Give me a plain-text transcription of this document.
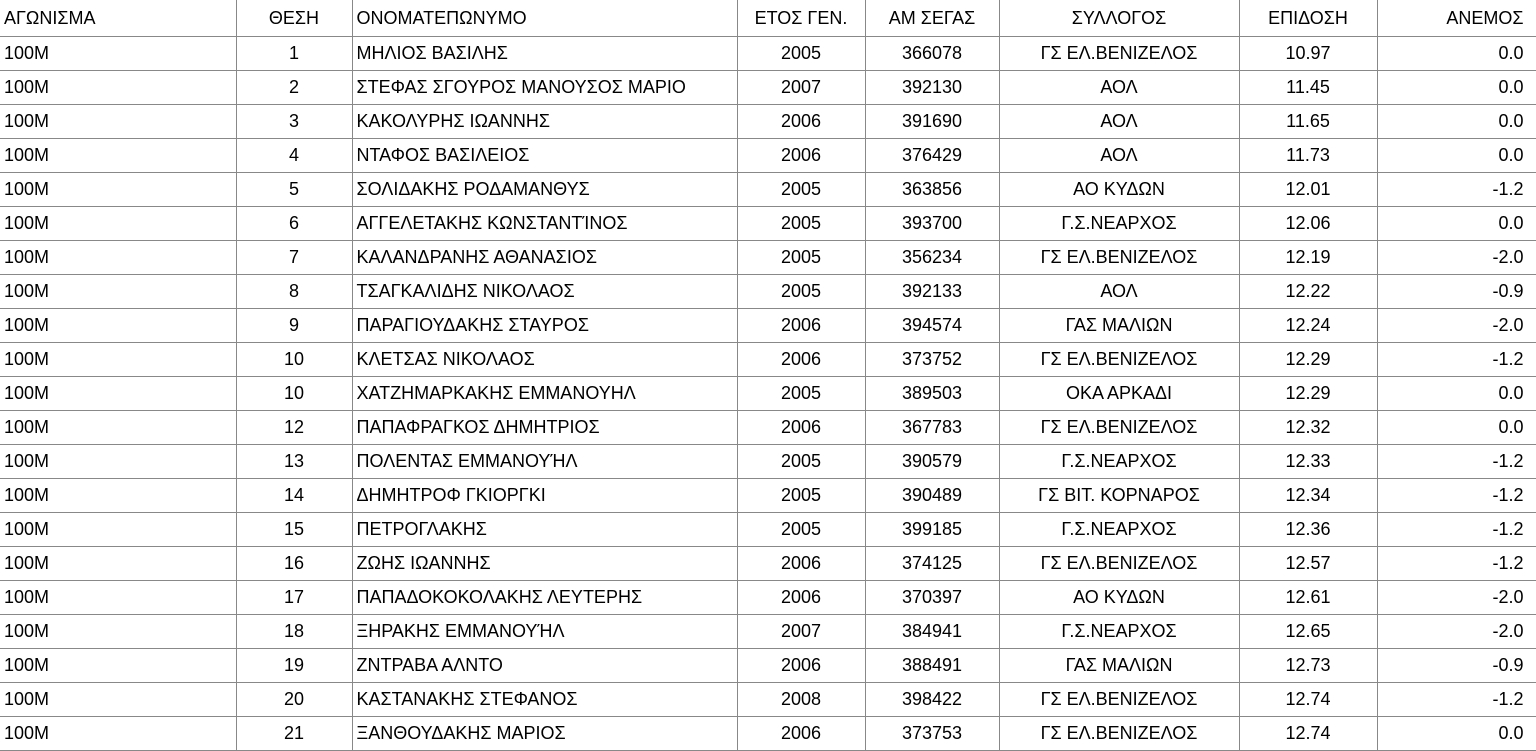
ΑΓΩΝΙΣΜΑ	ΘΕΣΗ	ΟΝΟΜΑΤΕΠΩΝΥΜΟ	ΕΤΟΣ ΓΕΝ.	ΑΜ ΣΕΓΑΣ	ΣΥΛΛΟΓΟΣ	ΕΠΙΔΟΣΗ	ΑΝΕΜΟΣ
100M	1	ΜΗΛΙΟΣ ΒΑΣΙΛΗΣ	2005	366078	ΓΣ ΕΛ.ΒΕΝΙΖΕΛΟΣ	10.97	0.0
100M	2	ΣΤΕΦΑΣ ΣΓΟΥΡΟΣ ΜΑΝΟΥΣΟΣ ΜΑΡΙΟ	2007	392130	ΑΟΛ	11.45	0.0
100M	3	ΚΑΚΟΛΥΡΗΣ ΙΩΑΝΝΗΣ	2006	391690	ΑΟΛ	11.65	0.0
100M	4	ΝΤΑΦΟΣ ΒΑΣΙΛΕΙΟΣ	2006	376429	ΑΟΛ	11.73	0.0
100M	5	ΣΟΛΙΔΑΚΗΣ ΡΟΔΑΜΑΝΘΥΣ	2005	363856	ΑΟ ΚΥΔΩΝ	12.01	-1.2
100M	6	ΑΓΓΕΛΕΤΑΚΗΣ ΚΩΝΣΤΑΝΤΊΝΟΣ	2005	393700	Γ.Σ.ΝΕΑΡΧΟΣ	12.06	0.0
100M	7	ΚΑΛΑΝΔΡΑΝΗΣ ΑΘΑΝΑΣΙΟΣ	2005	356234	ΓΣ ΕΛ.ΒΕΝΙΖΕΛΟΣ	12.19	-2.0
100M	8	ΤΣΑΓΚΑΛΙΔΗΣ ΝΙΚΟΛΑΟΣ	2005	392133	ΑΟΛ	12.22	-0.9
100M	9	ΠΑΡΑΓΙΟΥΔΑΚΗΣ ΣΤΑΥΡΟΣ	2006	394574	ΓΑΣ ΜΑΛΙΩΝ	12.24	-2.0
100M	10	ΚΛΕΤΣΑΣ ΝΙΚΟΛΑΟΣ	2006	373752	ΓΣ ΕΛ.ΒΕΝΙΖΕΛΟΣ	12.29	-1.2
100M	10	ΧΑΤΖΗΜΑΡΚΑΚΗΣ ΕΜΜΑΝΟΥΗΛ	2005	389503	ΟΚΑ ΑΡΚΑΔΙ	12.29	0.0
100M	12	ΠΑΠΑΦΡΑΓΚΟΣ ΔΗΜΗΤΡΙΟΣ	2006	367783	ΓΣ ΕΛ.ΒΕΝΙΖΕΛΟΣ	12.32	0.0
100M	13	ΠΟΛΕΝΤΑΣ ΕΜΜΑΝΟΥΉΛ	2005	390579	Γ.Σ.ΝΕΑΡΧΟΣ	12.33	-1.2
100M	14	ΔΗΜΗΤΡΟΦ ΓΚΙΟΡΓΚΙ	2005	390489	ΓΣ ΒΙΤ. ΚΟΡΝΑΡΟΣ	12.34	-1.2
100M	15	ΠΕΤΡΟΓΛΑΚΗΣ	2005	399185	Γ.Σ.ΝΕΑΡΧΟΣ	12.36	-1.2
100M	16	ΖΩΗΣ ΙΩΑΝΝΗΣ	2006	374125	ΓΣ ΕΛ.ΒΕΝΙΖΕΛΟΣ	12.57	-1.2
100M	17	ΠΑΠΑΔΟΚΟΚΟΛΑΚΗΣ ΛΕΥΤΕΡΗΣ	2006	370397	ΑΟ ΚΥΔΩΝ	12.61	-2.0
100M	18	ΞΗΡΑΚΗΣ ΕΜΜΑΝΟΥΉΛ	2007	384941	Γ.Σ.ΝΕΑΡΧΟΣ	12.65	-2.0
100M	19	ΖΝΤΡΑΒΑ ΑΛΝΤΟ	2006	388491	ΓΑΣ ΜΑΛΙΩΝ	12.73	-0.9
100M	20	ΚΑΣΤΑΝΑΚΗΣ ΣΤΕΦΑΝΟΣ	2008	398422	ΓΣ ΕΛ.ΒΕΝΙΖΕΛΟΣ	12.74	-1.2
100M	21	ΞΑΝΘΟΥΔΑΚΗΣ ΜΑΡΙΟΣ	2006	373753	ΓΣ ΕΛ.ΒΕΝΙΖΕΛΟΣ	12.74	0.0
